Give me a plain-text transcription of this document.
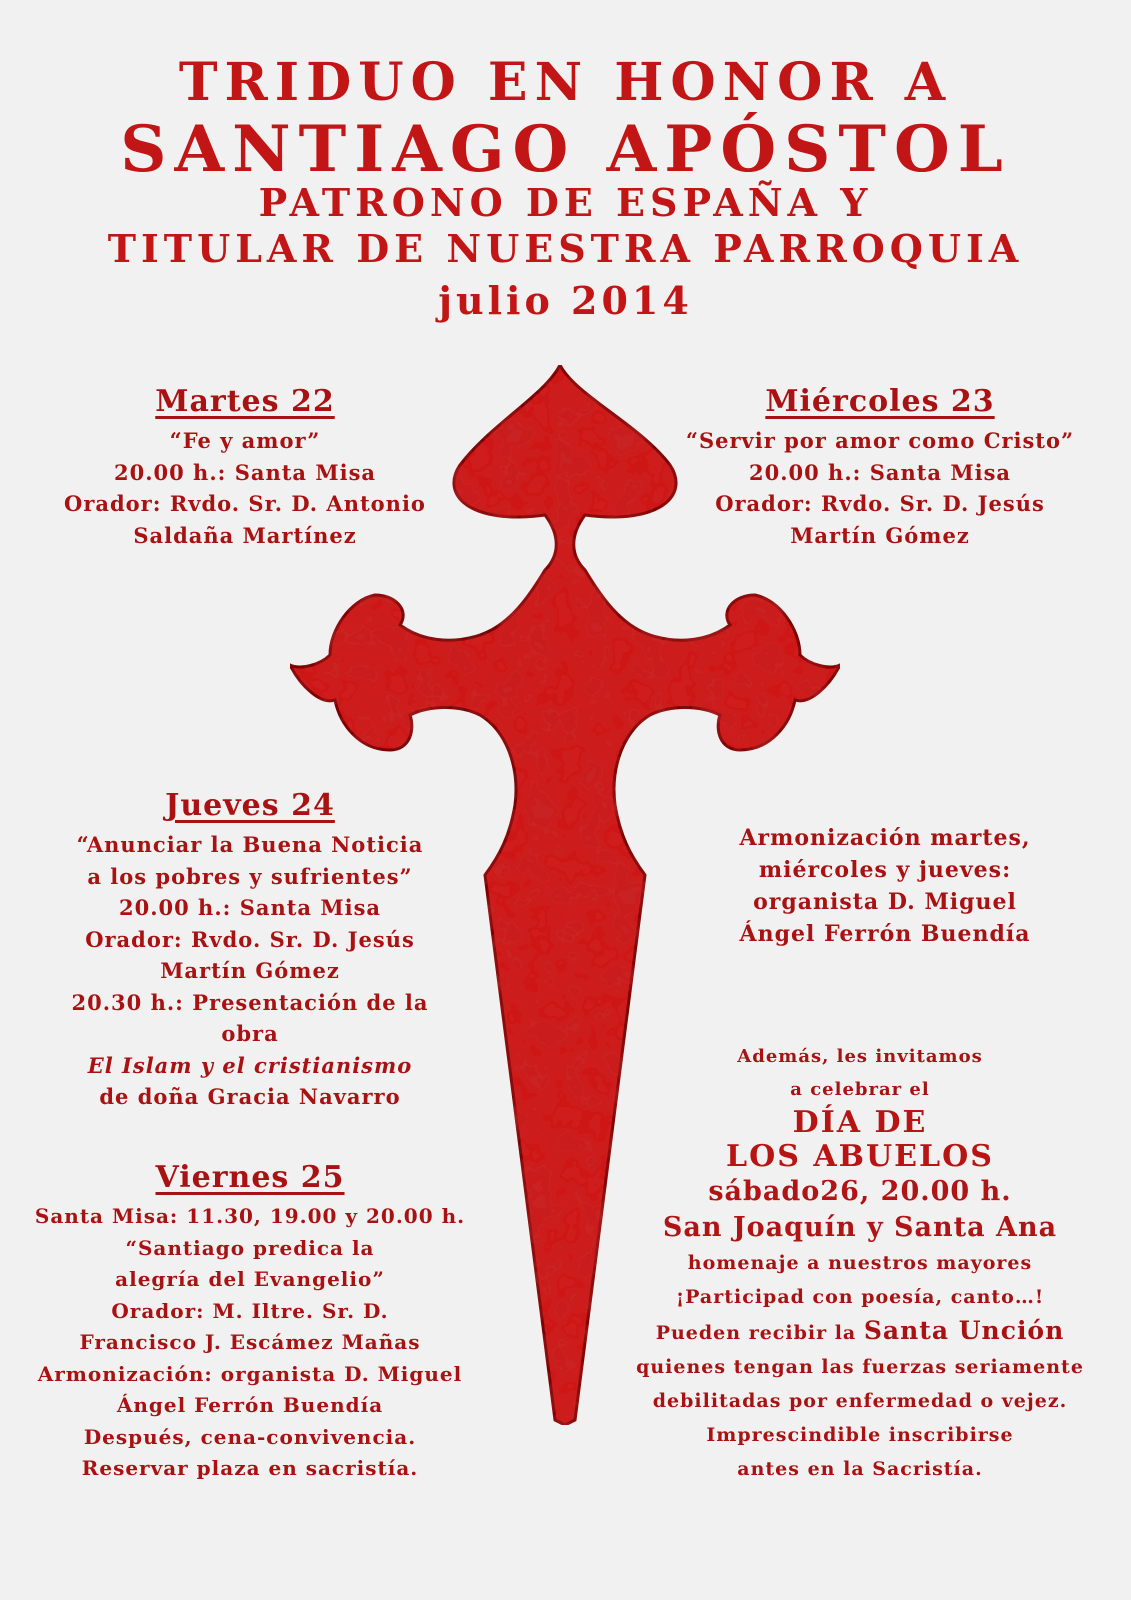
TRIDUO EN HONOR A
SANTIAGO APÓSTOL
PATRONO DE ESPAÑA Y
TITULAR DE NUESTRA PARROQUIA
julio 2014
Martes 22
“Fe y amor”
20.00 h.: Santa Misa
Orador: Rvdo. Sr. D. Antonio
Saldaña Martínez
Miércoles 23
“Servir por amor como Cristo”
20.00 h.: Santa Misa
Orador: Rvdo. Sr. D. Jesús
Martín Gómez
Jueves 24
“Anunciar la Buena Noticia
a los pobres y sufrientes”
20.00 h.: Santa Misa
Orador: Rvdo. Sr. D. Jesús
Martín Gómez
20.30 h.: Presentación de la obra
El Islam y el cristianismo
de doña Gracia Navarro
Viernes 25
Santa Misa: 11.30, 19.00 y 20.00 h.
“Santiago predica la
alegría del Evangelio”
Orador: M. Iltre. Sr. D.
Francisco J. Escámez Mañas
Armonización: organista D. Miguel
Ángel Ferrón Buendía
Después, cena-convivencia.
Reservar plaza en sacristía.
Armonización martes,
miércoles y jueves:
organista D. Miguel
Ángel Ferrón Buendía
Además, les invitamos
a celebrar el
DÍA DE
LOS ABUELOS
sábado26, 20.00 h.
San Joaquín y Santa Ana
homenaje a nuestros mayores
¡Participad con poesía, canto…!
Pueden recibir la Santa Unción
quienes tengan las fuerzas seriamente
debilitadas por enfermedad o vejez.
Imprescindible inscribirse
antes en la Sacristía.
